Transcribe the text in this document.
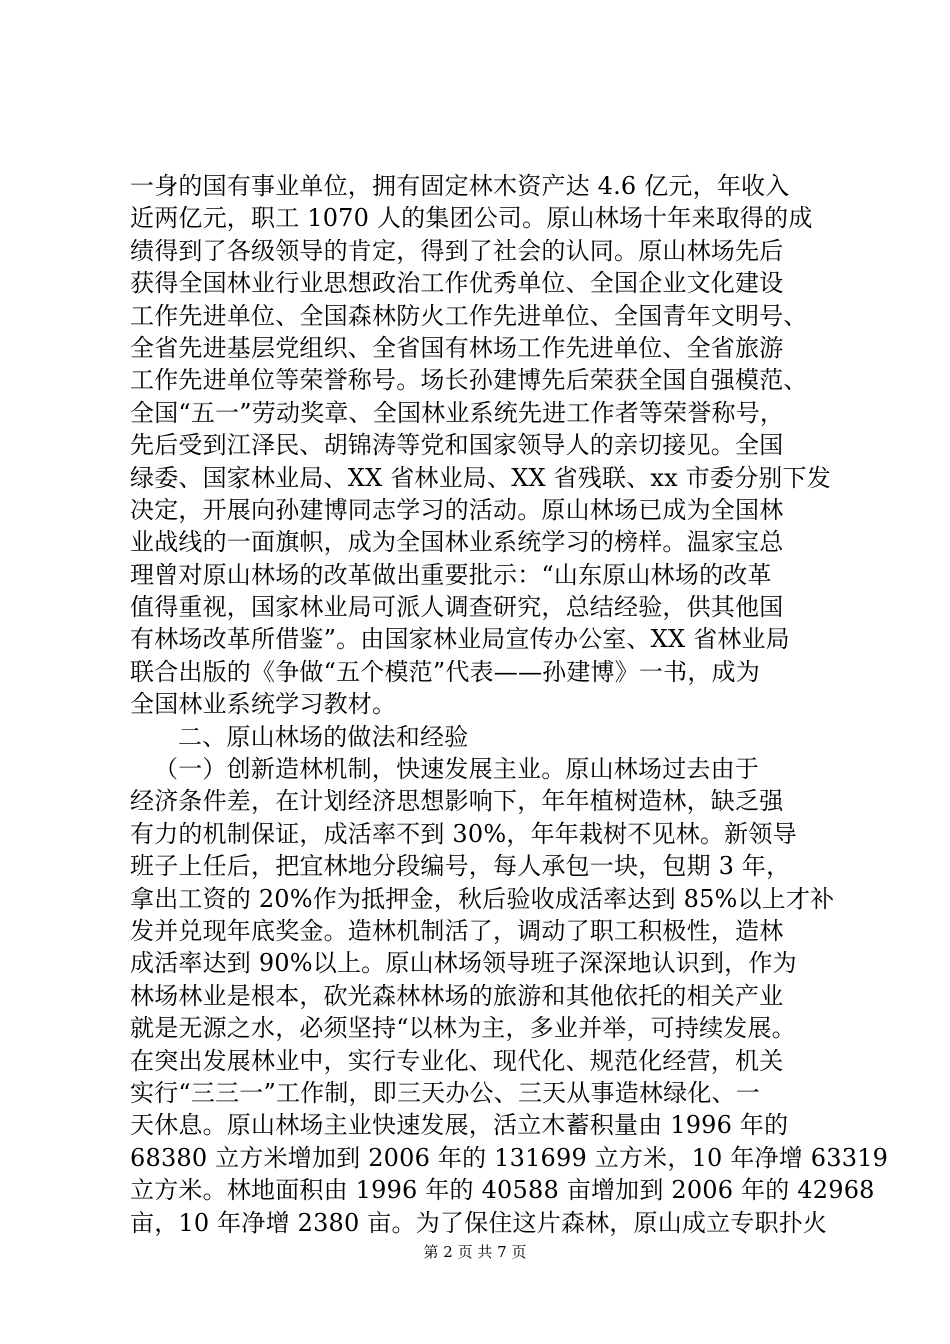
一身的国有事业单位，拥有固定林木资产达 4.6 亿元，年收入
近两亿元，职工 1070 人的集团公司。原山林场十年来取得的成
绩得到了各级领导的肯定，得到了社会的认同。原山林场先后
获得全国林业行业思想政治工作优秀单位、全国企业文化建设
工作先进单位、全国森林防火工作先进单位、全国青年文明号、
全省先进基层党组织、全省国有林场工作先进单位、全省旅游
工作先进单位等荣誉称号。场长孙建博先后荣获全国自强模范、
全国“五一”劳动奖章、全国林业系统先进工作者等荣誉称号，
先后受到江泽民、胡锦涛等党和国家领导人的亲切接见。全国
绿委、国家林业局、XX 省林业局、XX 省残联、xx 市委分别下发
决定，开展向孙建博同志学习的活动。原山林场已成为全国林
业战线的一面旗帜，成为全国林业系统学习的榜样。温家宝总
理曾对原山林场的改革做出重要批示：“山东原山林场的改革
值得重视，国家林业局可派人调查研究，总结经验，供其他国
有林场改革所借鉴”。由国家林业局宣传办公室、XX 省林业局
联合出版的《争做“五个模范”代表——孙建博》一书，成为
全国林业系统学习教材。
二、原山林场的做法和经验
（一）创新造林机制，快速发展主业。原山林场过去由于
经济条件差，在计划经济思想影响下，年年植树造林，缺乏强
有力的机制保证，成活率不到 30%，年年栽树不见林。新领导
班子上任后，把宜林地分段编号，每人承包一块，包期 3 年，
拿出工资的 20%作为抵押金，秋后验收成活率达到 85%以上才补
发并兑现年底奖金。造林机制活了，调动了职工积极性，造林
成活率达到 90%以上。原山林场领导班子深深地认识到，作为
林场林业是根本，砍光森林林场的旅游和其他依托的相关产业
就是无源之水，必须坚持“以林为主，多业并举，可持续发展。
在突出发展林业中，实行专业化、现代化、规范化经营，机关
实行“三三一”工作制，即三天办公、三天从事造林绿化、一
天休息。原山林场主业快速发展，活立木蓄积量由 1996 年的
68380 立方米增加到 2006 年的 131699 立方米，10 年净增 63319
立方米。林地面积由 1996 年的 40588 亩增加到 2006 年的 42968
亩，10 年净增 2380 亩。为了保住这片森林，原山成立专职扑火
第 2 页 共 7 页
